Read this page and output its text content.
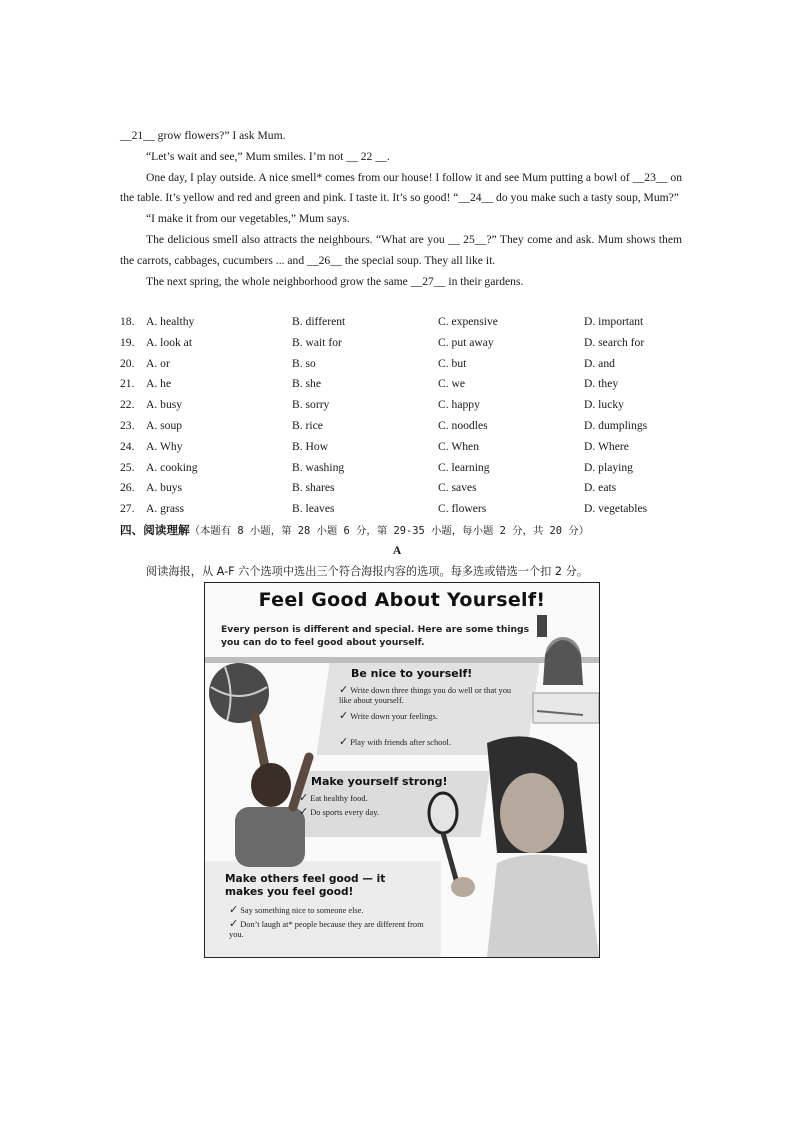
__21__ grow flowers?” I ask Mum.

“Let’s wait and see,” Mum smiles. I’m not __ 22 __.

One day, I play outside. A nice smell* comes from our house! I follow it and see Mum putting a bowl of __23__ on the table. It’s yellow and red and green and pink. I taste it. It’s so good! “__24__ do you make such a tasty soup, Mum?”

“I make it from our vegetables,” Mum says.

The delicious smell also attracts the neighbours. “What are you __ 25__?” They come and ask. Mum shows them the carrots, cabbages, cucumbers ... and __26__ the special soup. They all like it.

The next spring, the whole neighborhood grow the same __27__ in their gardens.

18. A. healthy	B. different	C. expensive	D. important
19. A. look at	B. wait for	C. put away	D. search for
20. A. or	B. so	C. but	D. and
21. A. he	B. she	C. we	D. they
22. A. busy	B. sorry	C. happy	D. lucky
23. A. soup	B. rice	C. noodles	D. dumplings
24. A. Why	B. How	C. When	D. Where
25. A. cooking	B. washing	C. learning	D. playing
26. A. buys	B. shares	C. saves	D. eats
27. A. grass	B. leaves	C. flowers	D. vegetables
四、阅读理解（本题有 8 小题，第 28 小题 6 分，第 29-35 小题，每小题 2 分，共 20 分）
A
阅读海报，从 A-F 六个选项中选出三个符合海报内容的选项。每多选或错选一个扣 2 分。
Feel Good About Yourself!
Every person is different and special. Here are some things you can do to feel good about yourself.
Be nice to yourself!
✓ Write down three things you do well or that you like about yourself.
✓ Write down your feelings.
✓ Play with friends after school.
Make yourself strong!
✓ Eat healthy food.
✓ Do sports every day.
Make others feel good — it makes you feel good!
✓ Say something nice to someone else.
✓ Don’t laugh at* people because they are different from you.
